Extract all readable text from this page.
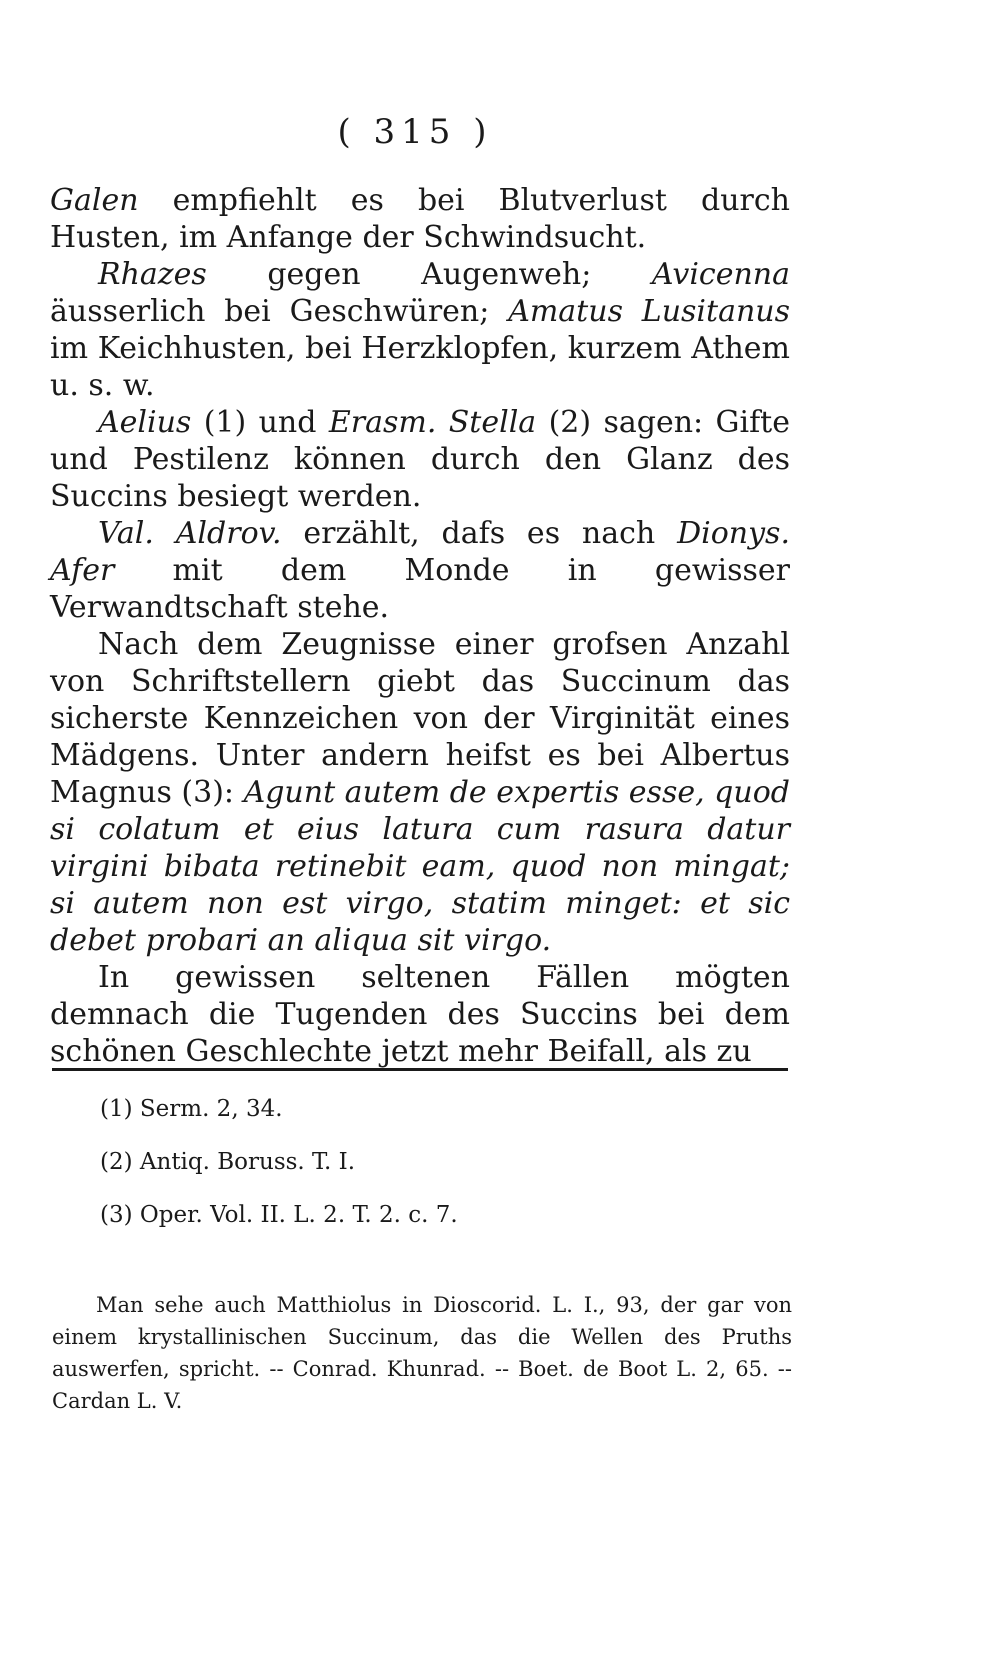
( 315 )

Galen empfiehlt es bei Blutverlust durch Husten, im Anfange der Schwindsucht.

Rhazes gegen Augenweh; Avicenna äusserlich bei Geschwüren; Amatus Lusitanus im Keichhusten, bei Herzklopfen, kurzem Athem u. s. w.

Aelius (1) und Erasm. Stella (2) sagen: Gifte und Pestilenz können durch den Glanz des Succins besiegt werden.

Val. Aldrov. erzählt, dafs es nach Dionys. Afer mit dem Monde in gewisser Verwandtschaft stehe.

Nach dem Zeugnisse einer grofsen Anzahl von Schriftstellern giebt das Succinum das sicherste Kennzeichen von der Virginität eines Mädgens. Unter andern heifst es bei Albertus Magnus (3): Agunt autem de expertis esse, quod si colatum et eius latura cum rasura datur virgini bibata retinebit eam, quod non mingat; si autem non est virgo, statim minget: et sic debet probari an aliqua sit virgo.

In gewissen seltenen Fällen mögten demnach die Tugenden des Succins bei dem schönen Geschlechte jetzt mehr Beifall, als zu

(1) Serm. 2, 34.

(2) Antiq. Boruss. T. I.

(3) Oper. Vol. II. L. 2. T. 2. c. 7.

Man sehe auch Matthiolus in Dioscorid. L. I., 93, der gar von einem krystallinischen Succinum, das die Wellen des Pruths auswerfen, spricht. -- Conrad. Khunrad. -- Boet. de Boot L. 2, 65. -- Cardan L. V.
